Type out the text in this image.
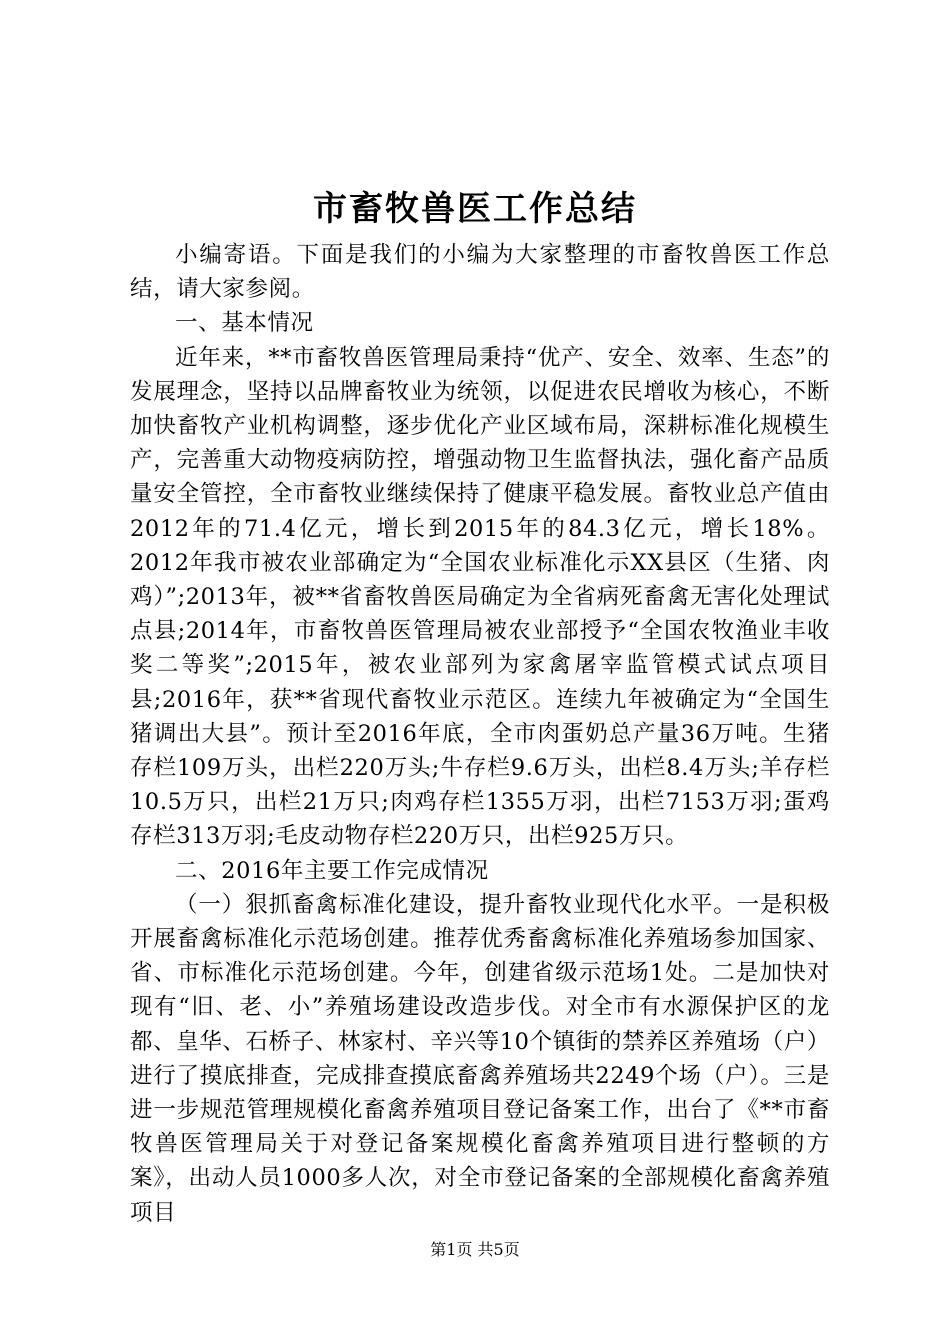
市畜牧兽医工作总结

小编寄语。下面是我们的小编为大家整理的市畜牧兽医工作总结，请大家参阅。

一、基本情况

近年来，**市畜牧兽医管理局秉持“优产、安全、效率、生态”的发展理念，坚持以品牌畜牧业为统领，以促进农民增收为核心，不断加快畜牧产业机构调整，逐步优化产业区域布局，深耕标准化规模生产，完善重大动物疫病防控，增强动物卫生监督执法，强化畜产品质量安全管控，全市畜牧业继续保持了健康平稳发展。畜牧业总产值由2012年的71.4亿元，增长到2015年的84.3亿元，增长18%。2012年我市被农业部确定为“全国农业标准化示XX县区（生猪、肉鸡）”;2013年，被**省畜牧兽医局确定为全省病死畜禽无害化处理试点县;2014年，市畜牧兽医管理局被农业部授予“全国农牧渔业丰收奖二等奖”;2015年，被农业部列为家禽屠宰监管模式试点项目县;2016年，获**省现代畜牧业示范区。连续九年被确定为“全国生猪调出大县”。预计至2016年底，全市肉蛋奶总产量36万吨。生猪存栏109万头，出栏220万头;牛存栏9.6万头，出栏8.4万头;羊存栏10.5万只，出栏21万只;肉鸡存栏1355万羽，出栏7153万羽;蛋鸡存栏313万羽;毛皮动物存栏220万只，出栏925万只。

二、2016年主要工作完成情况

（一）狠抓畜禽标准化建设，提升畜牧业现代化水平。一是积极开展畜禽标准化示范场创建。推荐优秀畜禽标准化养殖场参加国家、省、市标准化示范场创建。今年，创建省级示范场1处。二是加快对现有“旧、老、小”养殖场建设改造步伐。对全市有水源保护区的龙都、皇华、石桥子、林家村、辛兴等10个镇街的禁养区养殖场（户）进行了摸底排查，完成排查摸底畜禽养殖场共2249个场（户）。三是进一步规范管理规模化畜禽养殖项目登记备案工作，出台了《**市畜牧兽医管理局关于对登记备案规模化畜禽养殖项目进行整顿的方案》，出动人员1000多人次，对全市登记备案的全部规模化畜禽养殖项目

第1页 共5页
